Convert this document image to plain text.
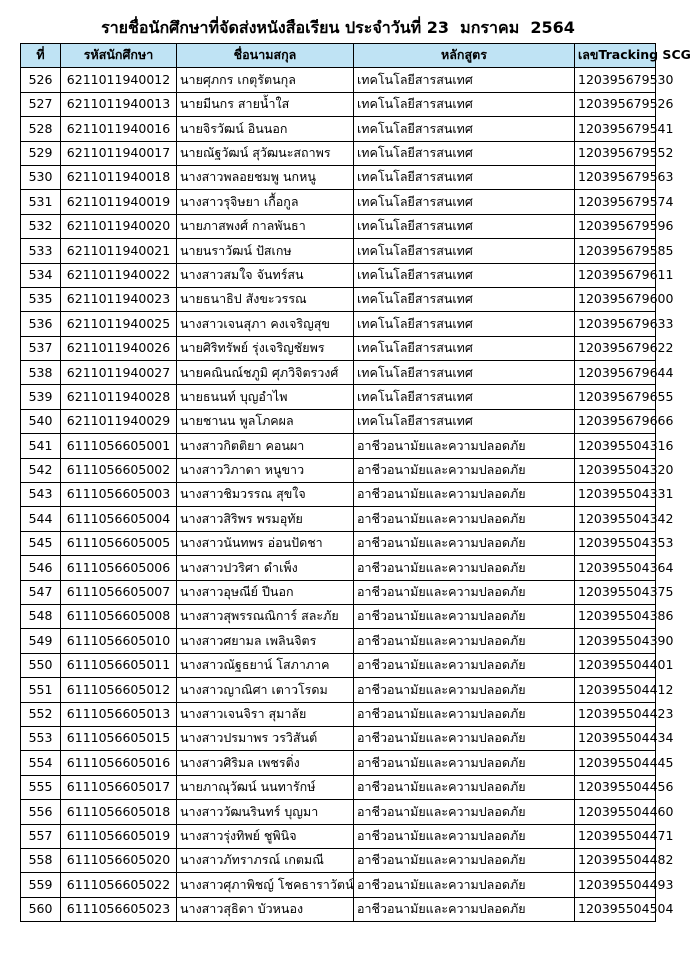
รายชื่อนักศึกษาที่จัดส่งหนังสือเรียน ประจำวันที่ 23  มกราคม  2564
ที่	รหัสนักศึกษา	ชื่อนามสกุล	หลักสูตร	เลขTracking SCG
526	6211011940012	นายศุภกร เกตุรัตนกุล	เทคโนโลยีสารสนเทศ	120395679530
527	6211011940013	นายมีนกร สายน้ำใส	เทคโนโลยีสารสนเทศ	120395679526
528	6211011940016	นายจิรวัฒน์ อินนอก	เทคโนโลยีสารสนเทศ	120395679541
529	6211011940017	นายณัฐวัฒน์ สุวัฒนะสถาพร	เทคโนโลยีสารสนเทศ	120395679552
530	6211011940018	นางสาวพลอยชมพู นกหนู	เทคโนโลยีสารสนเทศ	120395679563
531	6211011940019	นางสาวรุจิษยา เกื้อกูล	เทคโนโลยีสารสนเทศ	120395679574
532	6211011940020	นายภาสพงศ์ กาลพันธา	เทคโนโลยีสารสนเทศ	120395679596
533	6211011940021	นายนราวัฒน์ ปัสเกษ	เทคโนโลยีสารสนเทศ	120395679585
534	6211011940022	นางสาวสมใจ จันทร์สน	เทคโนโลยีสารสนเทศ	120395679611
535	6211011940023	นายธนาธิป สังขะวรรณ	เทคโนโลยีสารสนเทศ	120395679600
536	6211011940025	นางสาวเจนสุภา คงเจริญสุข	เทคโนโลยีสารสนเทศ	120395679633
537	6211011940026	นายศิริทรัพย์ รุ่งเจริญชัยพร	เทคโนโลยีสารสนเทศ	120395679622
538	6211011940027	นายคณินณ์ชภูมิ ศุภวิจิตรวงศ์	เทคโนโลยีสารสนเทศ	120395679644
539	6211011940028	นายธนนท์ บุญอำไพ	เทคโนโลยีสารสนเทศ	120395679655
540	6211011940029	นายชานน พูลโภคผล	เทคโนโลยีสารสนเทศ	120395679666
541	6111056605001	นางสาวกิตติยา คอนผา	อาชีวอนามัยและความปลอดภัย	120395504316
542	6111056605002	นางสาววิภาดา หนูขาว	อาชีวอนามัยและความปลอดภัย	120395504320
543	6111056605003	นางสาวชิมวรรณ สุขใจ	อาชีวอนามัยและความปลอดภัย	120395504331
544	6111056605004	นางสาวสิริพร พรมอุทัย	อาชีวอนามัยและความปลอดภัย	120395504342
545	6111056605005	นางสาวนันทพร อ่อนปัดชา	อาชีวอนามัยและความปลอดภัย	120395504353
546	6111056605006	นางสาวปวริศา ดำเพ็ง	อาชีวอนามัยและความปลอดภัย	120395504364
547	6111056605007	นางสาวอุษณีย์ ปีนอก	อาชีวอนามัยและความปลอดภัย	120395504375
548	6111056605008	นางสาวสุพรรณณิการ์ สละภัย	อาชีวอนามัยและความปลอดภัย	120395504386
549	6111056605010	นางสาวศยามล เพลินจิตร	อาชีวอนามัยและความปลอดภัย	120395504390
550	6111056605011	นางสาวณัฐธยาน์ โสภาภาค	อาชีวอนามัยและความปลอดภัย	120395504401
551	6111056605012	นางสาวญาณิศา เตาวโรดม	อาชีวอนามัยและความปลอดภัย	120395504412
552	6111056605013	นางสาวเจนจิรา สุมาลัย	อาชีวอนามัยและความปลอดภัย	120395504423
553	6111056605015	นางสาวปรมาพร วรวิสันต์	อาชีวอนามัยและความปลอดภัย	120395504434
554	6111056605016	นางสาวศิริมล เพชรติ่ง	อาชีวอนามัยและความปลอดภัย	120395504445
555	6111056605017	นายภาณุวัฒน์ นนทารักษ์	อาชีวอนามัยและความปลอดภัย	120395504456
556	6111056605018	นางสาววัฒนรินทร์ บุญมา	อาชีวอนามัยและความปลอดภัย	120395504460
557	6111056605019	นางสาวรุ่งทิพย์ ชูพินิจ	อาชีวอนามัยและความปลอดภัย	120395504471
558	6111056605020	นางสาวภัทราภรณ์ เกตมณี	อาชีวอนามัยและความปลอดภัย	120395504482
559	6111056605022	นางสาวศุภาพิชญ์ โชคธาราวัตน์	อาชีวอนามัยและความปลอดภัย	120395504493
560	6111056605023	นางสาวสุธิดา บัวหนอง	อาชีวอนามัยและความปลอดภัย	120395504504
